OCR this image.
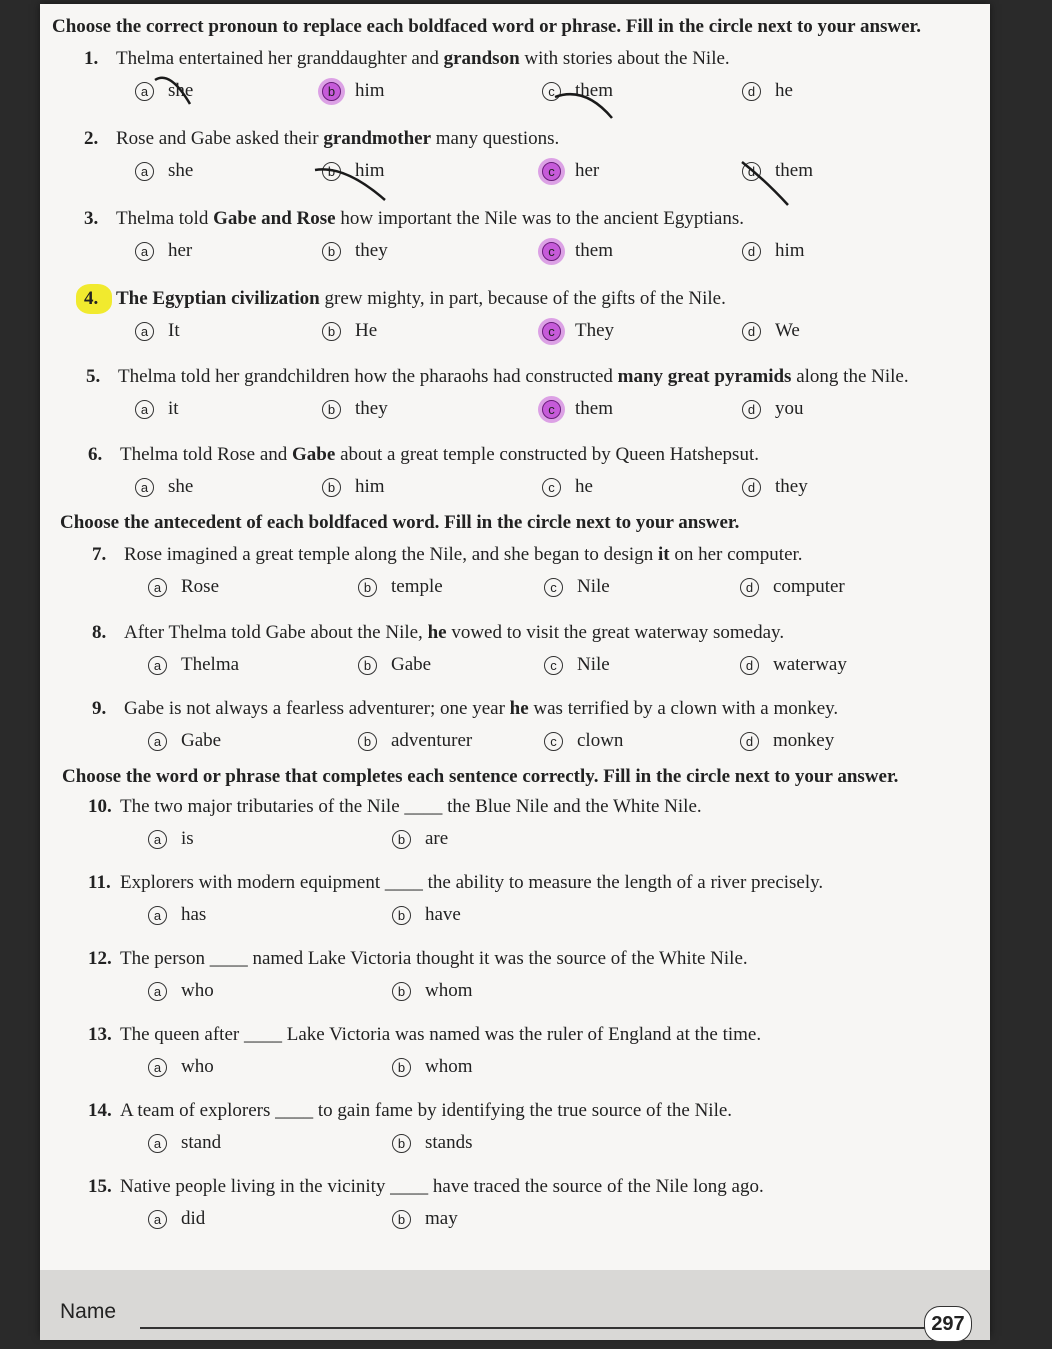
Choose the correct pronoun to replace each boldfaced word or phrase. Fill in the circle next to your answer.
Choose the antecedent of each boldfaced word. Fill in the circle next to your answer.
Choose the word or phrase that completes each sentence correctly. Fill in the circle next to your answer.
1. Thelma entertained her granddaughter and grandson with stories about the Nile.
a	she	b	him	c	them	d	he
2. Rose and Gabe asked their grandmother many questions.
a	she	b	him	c	her	d	them
3. Thelma told Gabe and Rose how important the Nile was to the ancient Egyptians.
a	her	b	they	c	them	d	him
4. The Egyptian civilization grew mighty, in part, because of the gifts of the Nile.
a	It	b	He	c	They	d	We
5. Thelma told her grandchildren how the pharaohs had constructed many great pyramids along the Nile.
a	it	b	they	c	them	d	you
6. Thelma told Rose and Gabe about a great temple constructed by Queen Hatshepsut.
a	she	b	him	c	he	d	they
7. Rose imagined a great temple along the Nile, and she began to design it on her computer.
a	Rose	b	temple	c	Nile	d	computer
8. After Thelma told Gabe about the Nile, he vowed to visit the great waterway someday.
a	Thelma	b	Gabe	c	Nile	d	waterway
9. Gabe is not always a fearless adventurer; one year he was terrified by a clown with a monkey.
a	Gabe	b	adventurer	c	clown	d	monkey
10. The two major tributaries of the Nile ____ the Blue Nile and the White Nile.
a	is	b	are
11. Explorers with modern equipment ____ the ability to measure the length of a river precisely.
a	has	b	have
12. The person ____ named Lake Victoria thought it was the source of the White Nile.
a	who	b	whom
13. The queen after ____ Lake Victoria was named was the ruler of England at the time.
a	who	b	whom
14. A team of explorers ____ to gain fame by identifying the true source of the Nile.
a	stand	b	stands
15. Native people living in the vicinity ____ have traced the source of the Nile long ago.
a	did	b	may
Name
297
